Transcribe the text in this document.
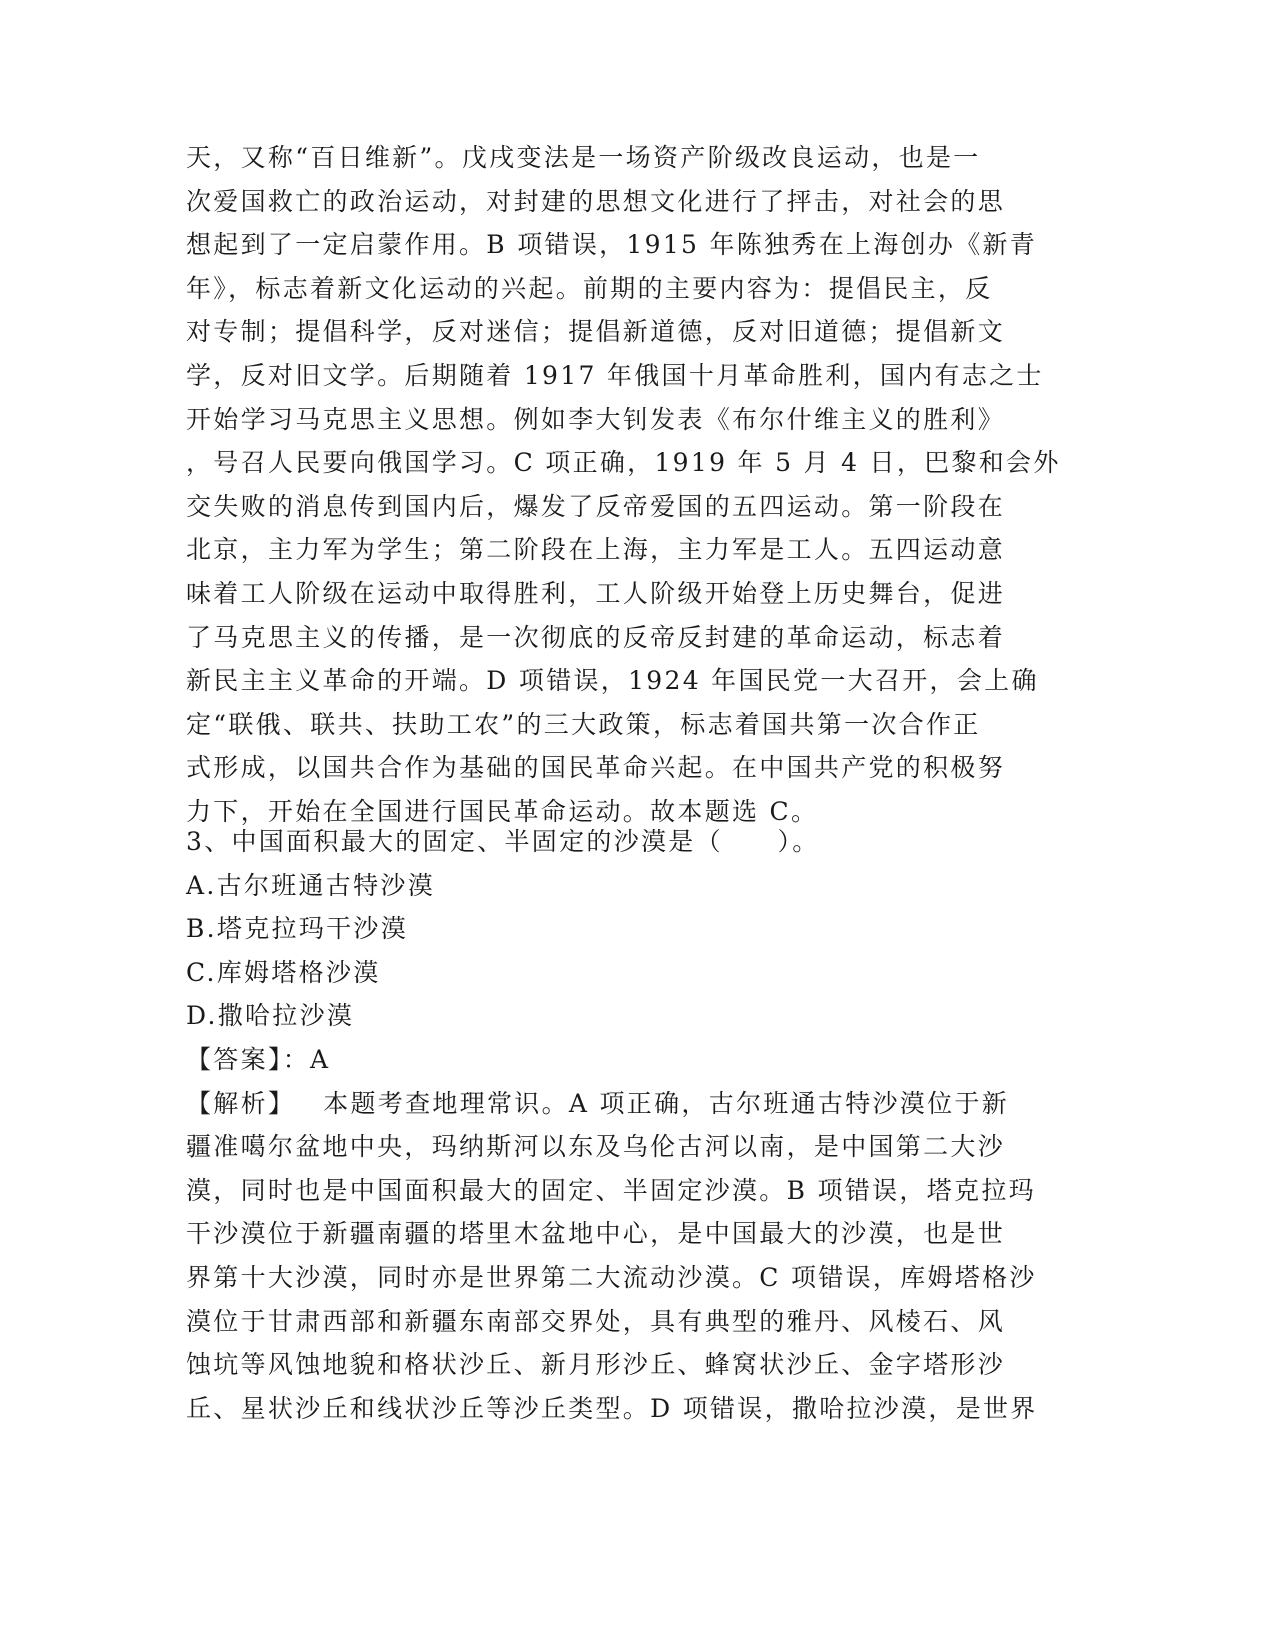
天，又称“百日维新”。戊戌变法是一场资产阶级改良运动，也是一
次爱国救亡的政治运动，对封建的思想文化进行了抨击，对社会的思
想起到了一定启蒙作用。B 项错误，1915 年陈独秀在上海创办《新青
年》，标志着新文化运动的兴起。前期的主要内容为：提倡民主，反
对专制；提倡科学，反对迷信；提倡新道德，反对旧道德；提倡新文
学，反对旧文学。后期随着 1917 年俄国十月革命胜利，国内有志之士
开始学习马克思主义思想。例如李大钊发表《布尔什维主义的胜利》
，号召人民要向俄国学习。C 项正确，1919 年 5 月 4 日，巴黎和会外
交失败的消息传到国内后，爆发了反帝爱国的五四运动。第一阶段在
北京，主力军为学生；第二阶段在上海，主力军是工人。五四运动意
味着工人阶级在运动中取得胜利，工人阶级开始登上历史舞台，促进
了马克思主义的传播，是一次彻底的反帝反封建的革命运动，标志着
新民主主义革命的开端。D 项错误，1924 年国民党一大召开，会上确
定“联俄、联共、扶助工农”的三大政策，标志着国共第一次合作正
式形成，以国共合作为基础的国民革命兴起。在中国共产党的积极努
力下，开始在全国进行国民革命运动。故本题选 C。
3、中国面积最大的固定、半固定的沙漠是（　　）。
A.古尔班通古特沙漠
B.塔克拉玛干沙漠
C.库姆塔格沙漠
D.撒哈拉沙漠
【答案】：A
【解析】 本题考查地理常识。A 项正确，古尔班通古特沙漠位于新
疆准噶尔盆地中央，玛纳斯河以东及乌伦古河以南，是中国第二大沙
漠，同时也是中国面积最大的固定、半固定沙漠。B 项错误，塔克拉玛
干沙漠位于新疆南疆的塔里木盆地中心，是中国最大的沙漠，也是世
界第十大沙漠，同时亦是世界第二大流动沙漠。C 项错误，库姆塔格沙
漠位于甘肃西部和新疆东南部交界处，具有典型的雅丹、风棱石、风
蚀坑等风蚀地貌和格状沙丘、新月形沙丘、蜂窝状沙丘、金字塔形沙
丘、星状沙丘和线状沙丘等沙丘类型。D 项错误，撒哈拉沙漠，是世界
